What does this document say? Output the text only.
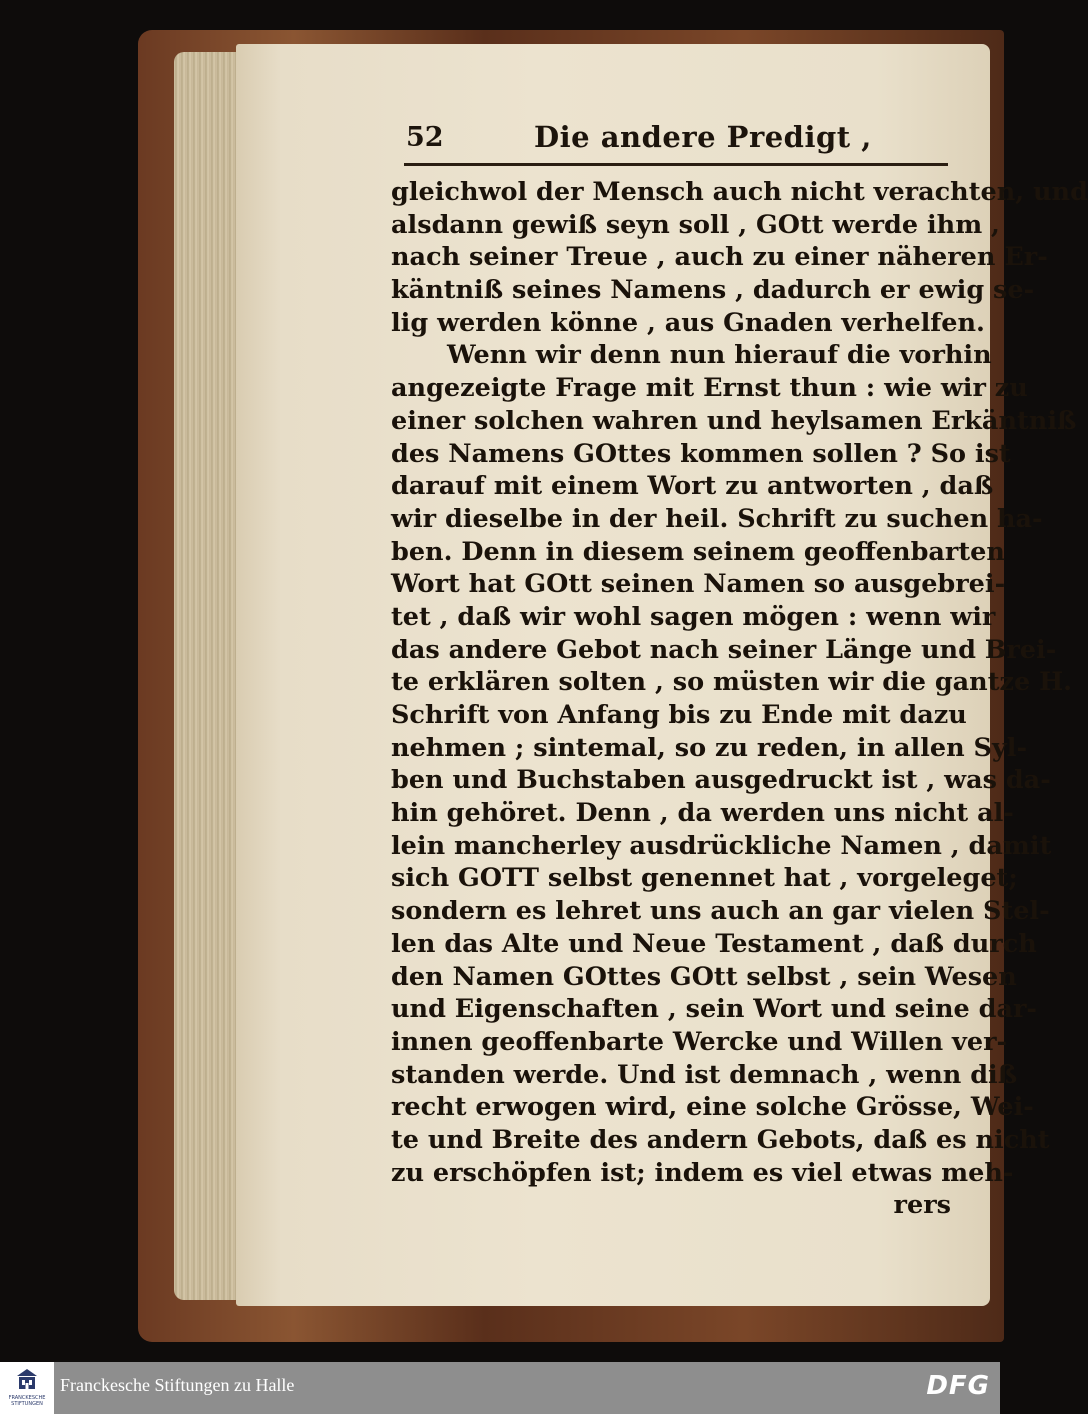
52	Die andere Predigt ,
gleichwol der Mensch auch nicht verachten, und
alsdann gewiß seyn soll , GOtt werde ihm ,
nach seiner Treue , auch zu einer näheren Er-
käntniß seines Namens , dadurch er ewig se-
lig werden könne , aus Gnaden verhelfen.
Wenn wir denn nun hierauf die vorhin
angezeigte Frage mit Ernst thun : wie wir zu
einer solchen wahren und heylsamen Erkäntniß
des Namens GOttes kommen sollen ? So ist
darauf mit einem Wort zu antworten , daß
wir dieselbe in der heil. Schrift zu suchen ha-
ben. Denn in diesem seinem geoffenbarten
Wort hat GOtt seinen Namen so ausgebrei-
tet , daß wir wohl sagen mögen : wenn wir
das andere Gebot nach seiner Länge und Brei-
te erklären solten , so müsten wir die gantze H.
Schrift von Anfang bis zu Ende mit dazu
nehmen ; sintemal, so zu reden, in allen Syl-
ben und Buchstaben ausgedruckt ist , was da-
hin gehöret. Denn , da werden uns nicht al-
lein mancherley ausdrückliche Namen , damit
sich GOTT selbst genennet hat , vorgeleget;
sondern es lehret uns auch an gar vielen Stel-
len das Alte und Neue Testament , daß durch
den Namen GOttes GOtt selbst , sein Wesen
und Eigenschaften , sein Wort und seine dar-
innen geoffenbarte Wercke und Willen ver-
standen werde. Und ist demnach , wenn diß
recht erwogen wird, eine solche Grösse, Wei-
te und Breite des andern Gebots, daß es nicht
zu erschöpfen ist; indem es viel etwas meh-
rers
FRANCKESCHE STIFTUNGEN
Franckesche Stiftungen zu Halle	DFG
